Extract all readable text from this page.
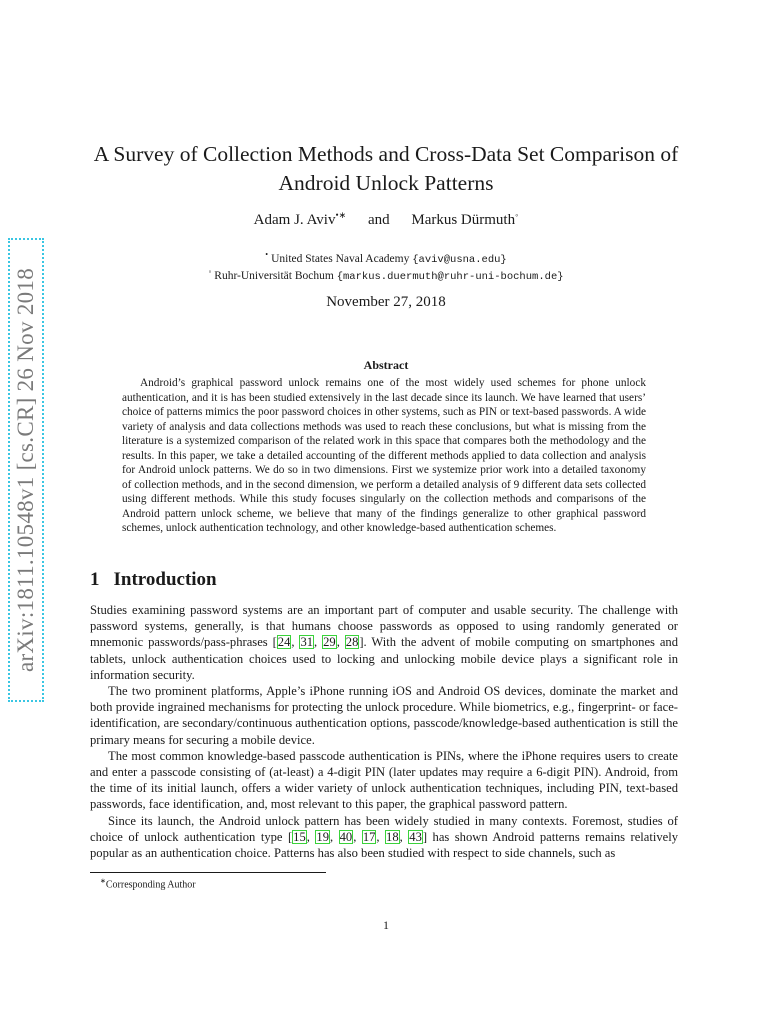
arXiv:1811.10548v1 [cs.CR] 26 Nov 2018
A Survey of Collection Methods and Cross-Data Set Comparison of
Android Unlock Patterns
Adam J. Aviv•∗ and Markus Dürmuth◦
• United States Naval Academy {aviv@usna.edu}
◦ Ruhr-Universität Bochum {markus.duermuth@ruhr-uni-bochum.de}
November 27, 2018
Abstract

Android’s graphical password unlock remains one of the most widely used schemes for phone unlock authentication, and it is has been studied extensively in the last decade since its launch. We have learned that users’ choice of patterns mimics the poor password choices in other systems, such as PIN or text-based passwords. A wide variety of analysis and data collections methods was used to reach these conclusions, but what is missing from the literature is a systemized comparison of the related work in this space that compares both the methodology and the results. In this paper, we take a detailed accounting of the different methods applied to data collection and analysis for Android unlock patterns. We do so in two dimensions. First we systemize prior work into a detailed taxonomy of collection methods, and in the second dimension, we perform a detailed analysis of 9 different data sets collected using different methods. While this study focuses singularly on the collection methods and comparisons of the Android pattern unlock scheme, we believe that many of the findings generalize to other graphical password schemes, unlock authentication technology, and other knowledge-based authentication schemes.

1 Introduction

Studies examining password systems are an important part of computer and usable security. The challenge with password systems, generally, is that humans choose passwords as opposed to using randomly generated or mnemonic passwords/pass-phrases [24, 31, 29, 28]. With the advent of mobile computing on smartphones and tablets, unlock authentication choices used to locking and unlocking mobile device plays a significant role in information security.

The two prominent platforms, Apple’s iPhone running iOS and Android OS devices, dominate the market and both provide ingrained mechanisms for protecting the unlock procedure. While biometrics, e.g., fingerprint- or face-identification, are secondary/continuous authentication options, passcode/knowledge-based authentication is still the primary means for securing a mobile device.

The most common knowledge-based passcode authentication is PINs, where the iPhone requires users to create and enter a passcode consisting of (at-least) a 4-digit PIN (later updates may require a 6-digit PIN). Android, from the time of its initial launch, offers a wider variety of unlock authentication techniques, including PIN, text-based passwords, face identification, and, most relevant to this paper, the graphical password pattern.

Since its launch, the Android unlock pattern has been widely studied in many contexts. Foremost, studies of choice of unlock authentication type [15, 19, 40, 17, 18, 43] has shown Android patterns remains relatively popular as an authentication choice. Patterns has also been studied with respect to side channels, such as

∗Corresponding Author
1
